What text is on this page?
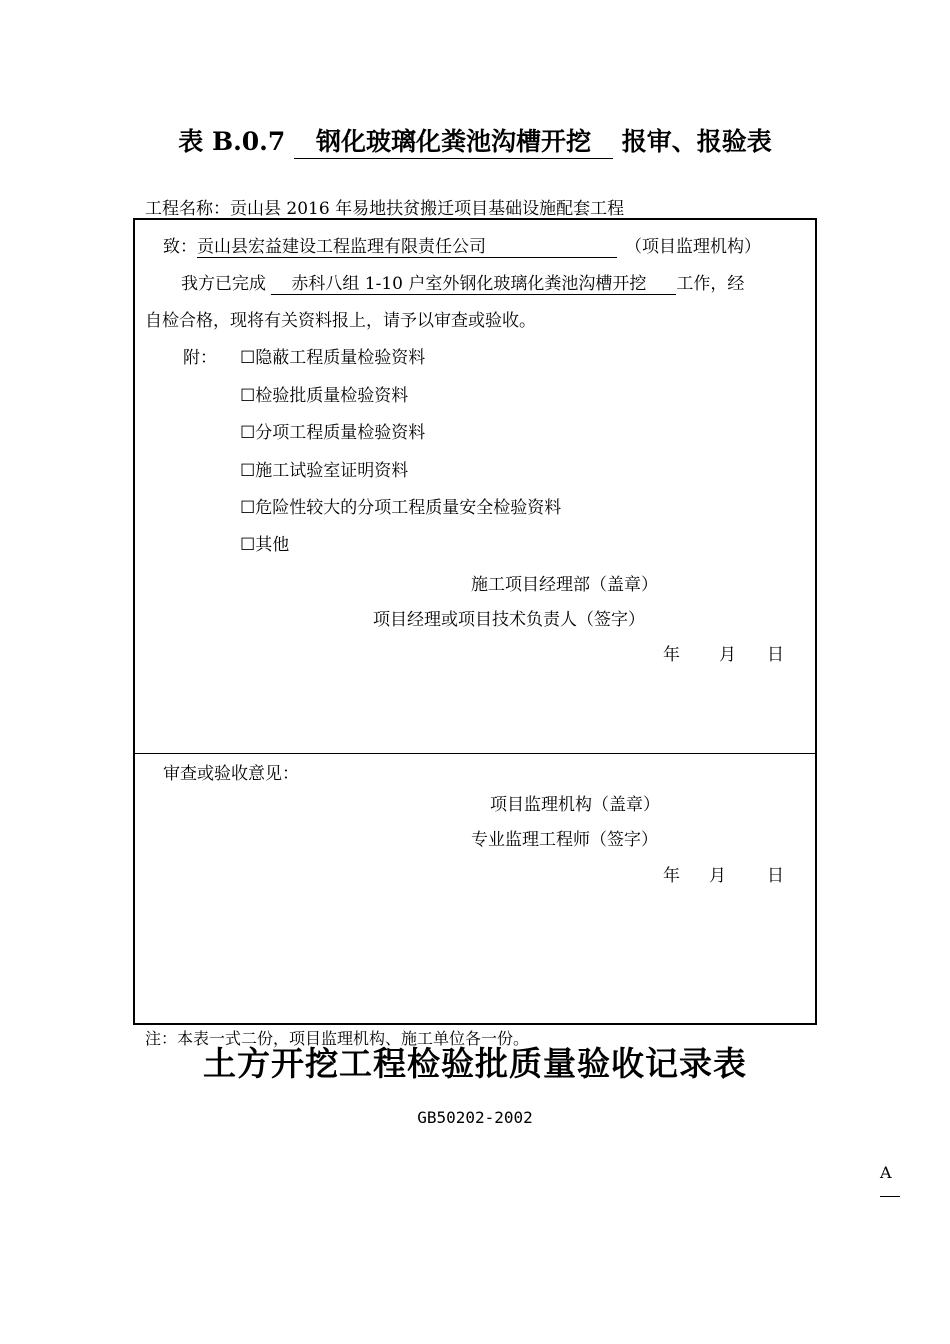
表 B.0.7 钢化玻璃化粪池沟槽开挖 报审、报验表
工程名称：贡山县 2016 年易地扶贫搬迁项目基础设施配套工程
致：贡山县宏益建设工程监理有限责任公司	（项目监理机构）
我方已完成 赤科八组 1-10 户室外钢化玻璃化粪池沟槽开挖 工作，经
自检合格，现将有关资料报上，请予以审查或验收。
附： ☐隐蔽工程质量检验资料
☐检验批质量检验资料
☐分项工程质量检验资料
☐施工试验室证明资料
☐危险性较大的分项工程质量安全检验资料
☐其他
施工项目经理部（盖章）
项目经理或项目技术负责人（签字）
年 月 日
审查或验收意见：
项目监理机构（盖章）
专业监理工程师（签字）
年 月 日
注：本表一式二份，项目监理机构、施工单位各一份。
土方开挖工程检验批质量验收记录表
GB50202-2002
A
